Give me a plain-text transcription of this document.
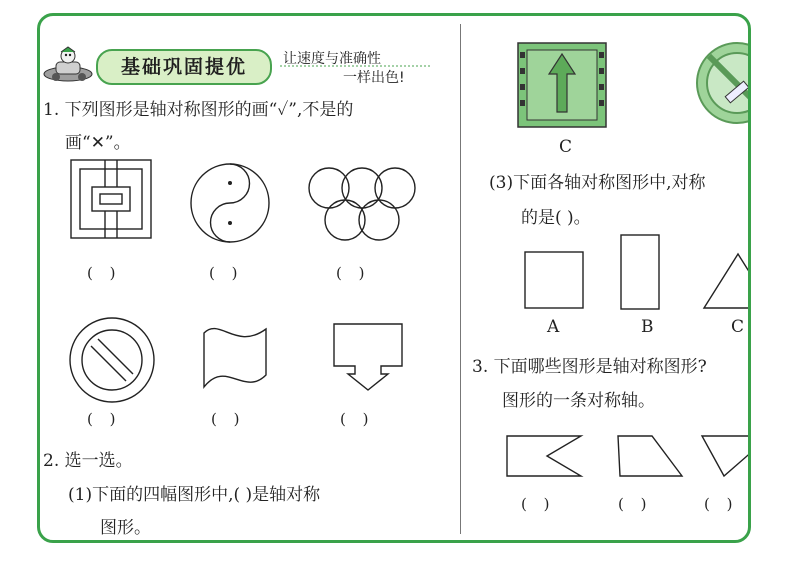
基础巩固提优	让速度与准确性
一样出色!
1. 下列图形是轴对称图形的画“✓”,不是的
画“✕”。
( )	( )	( )
( )	( )	( )
2. 选一选。
(1)下面的四幅图形中,( )是轴对称
图形。
C
(3)下面各轴对称图形中,对称
的是( )。
A	B	C
3. 下面哪些图形是轴对称图形?
图形的一条对称轴。
( )	( )	( )
